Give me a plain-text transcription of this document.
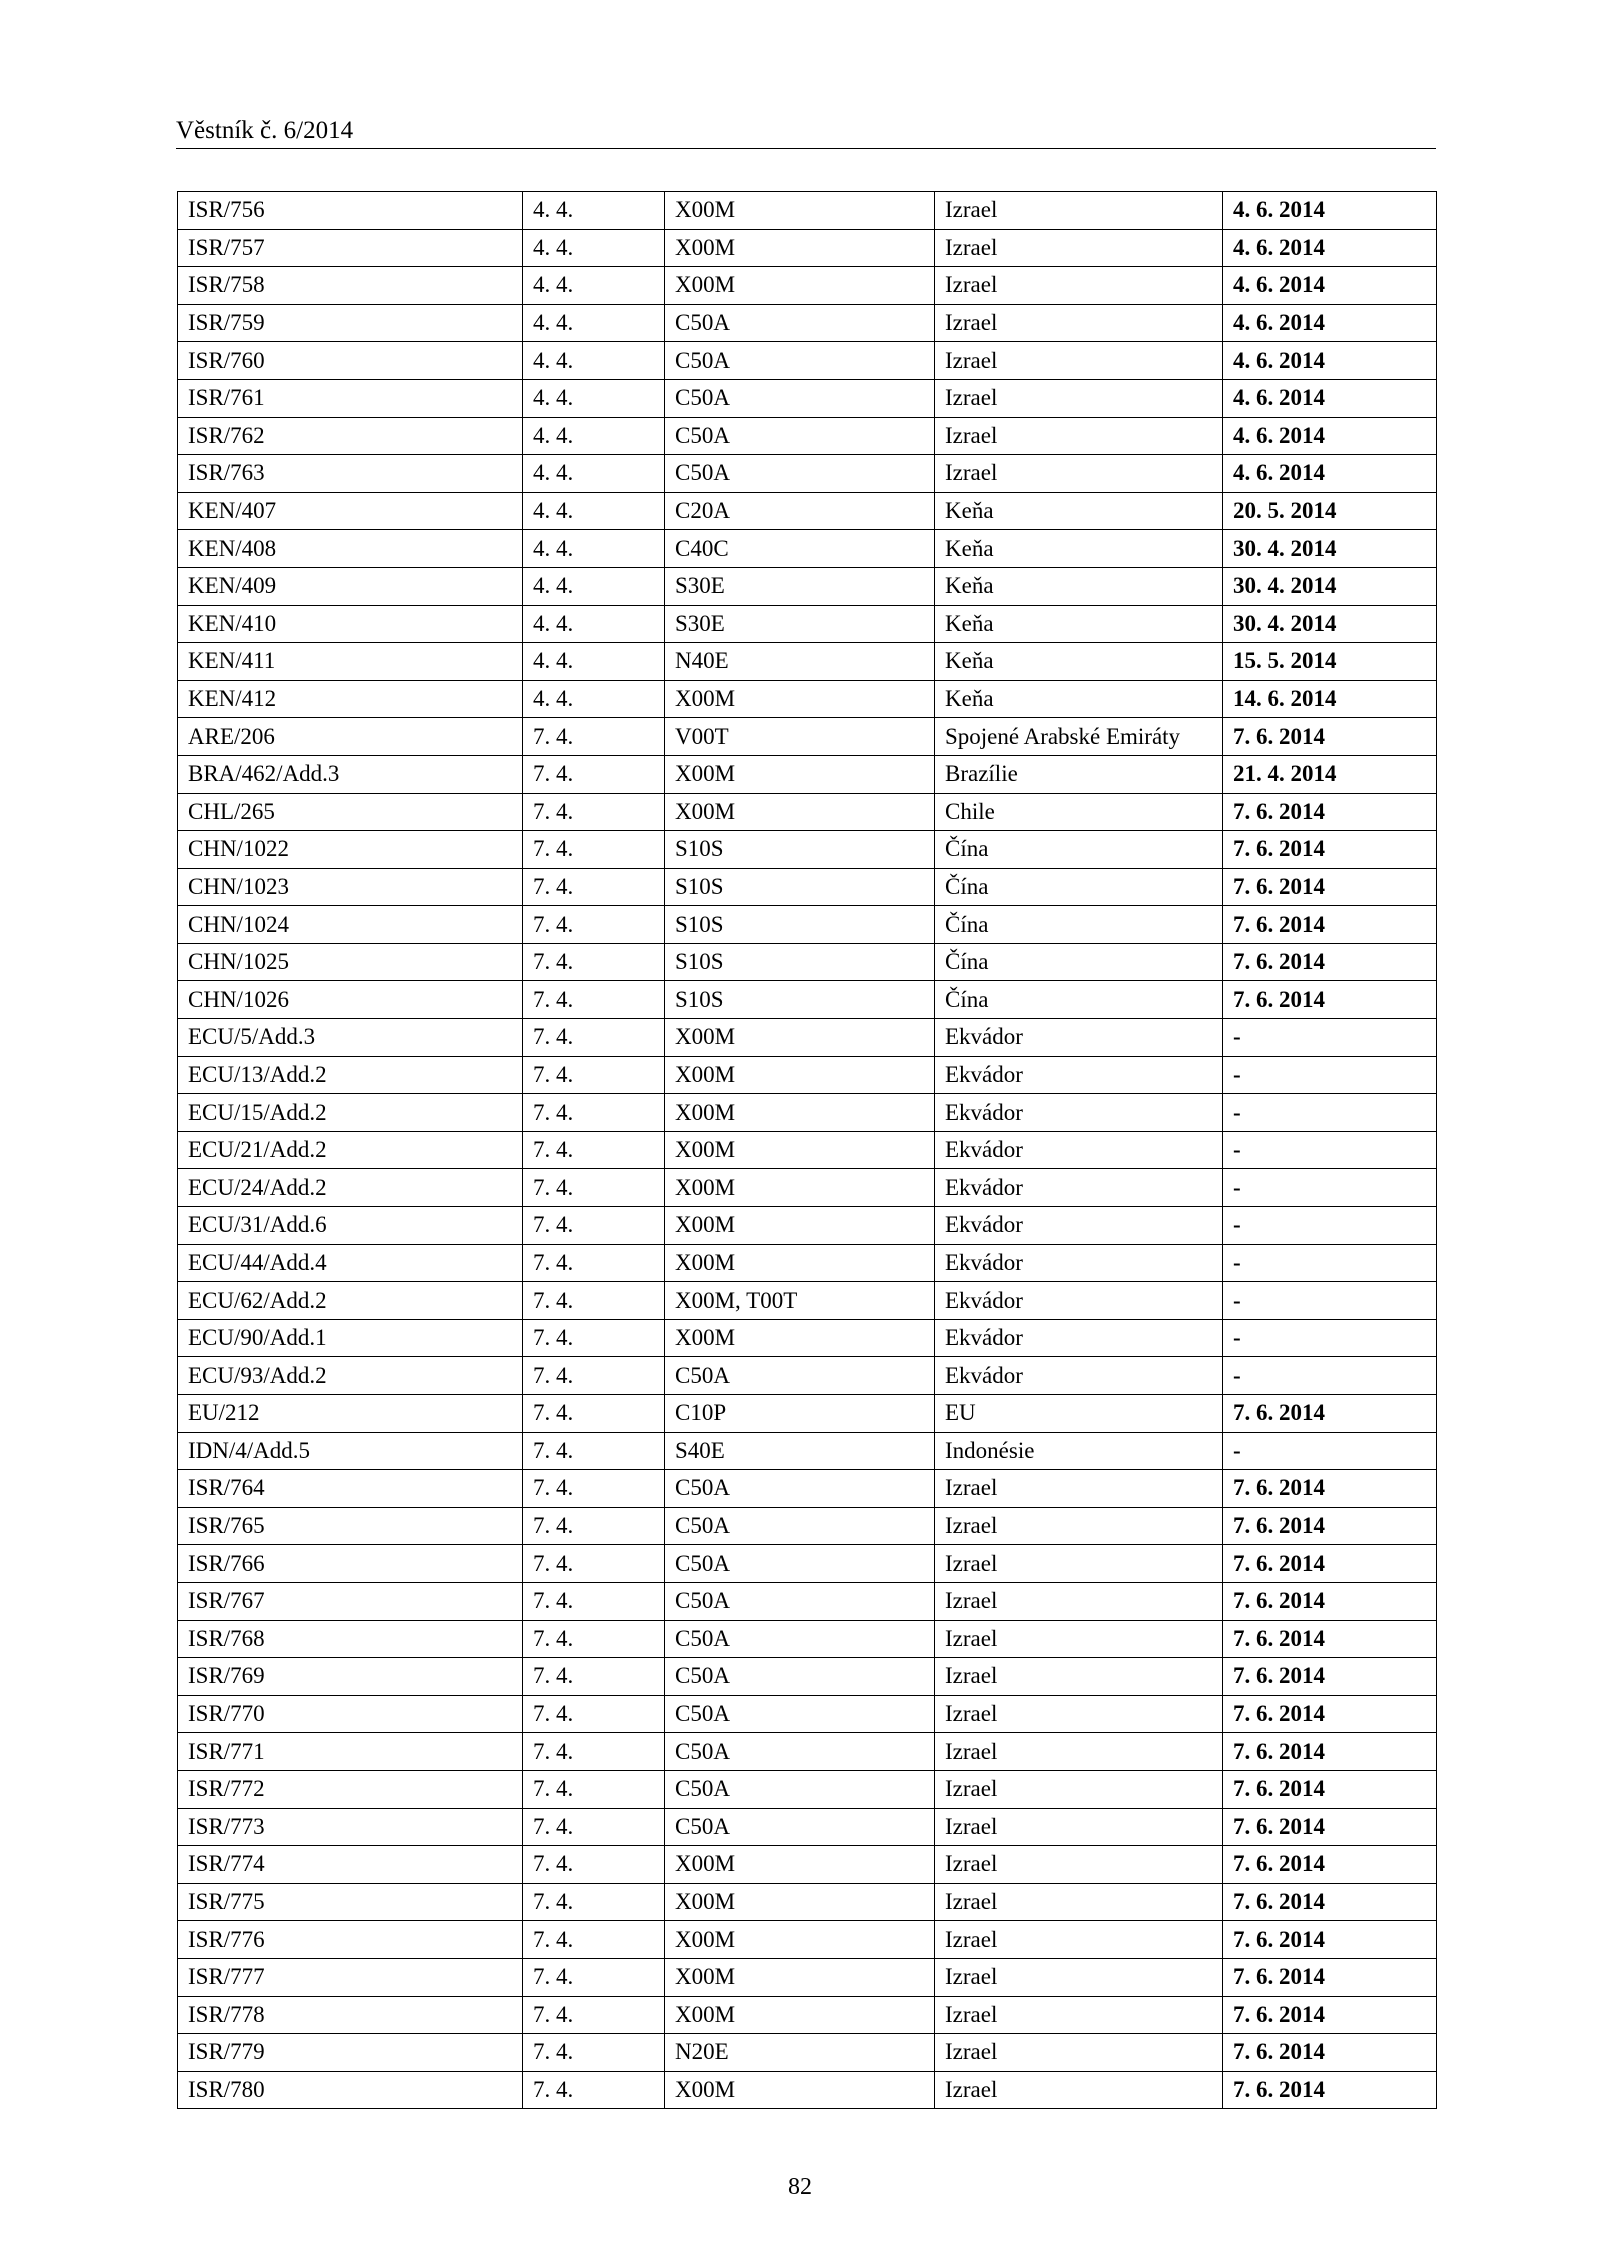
Věstník č. 6/2014
ISR/756	4. 4.	X00M	Izrael	4. 6. 2014
ISR/757	4. 4.	X00M	Izrael	4. 6. 2014
ISR/758	4. 4.	X00M	Izrael	4. 6. 2014
ISR/759	4. 4.	C50A	Izrael	4. 6. 2014
ISR/760	4. 4.	C50A	Izrael	4. 6. 2014
ISR/761	4. 4.	C50A	Izrael	4. 6. 2014
ISR/762	4. 4.	C50A	Izrael	4. 6. 2014
ISR/763	4. 4.	C50A	Izrael	4. 6. 2014
KEN/407	4. 4.	C20A	Keňa	20. 5. 2014
KEN/408	4. 4.	C40C	Keňa	30. 4. 2014
KEN/409	4. 4.	S30E	Keňa	30. 4. 2014
KEN/410	4. 4.	S30E	Keňa	30. 4. 2014
KEN/411	4. 4.	N40E	Keňa	15. 5. 2014
KEN/412	4. 4.	X00M	Keňa	14. 6. 2014
ARE/206	7. 4.	V00T	Spojené Arabské Emiráty	7. 6. 2014
BRA/462/Add.3	7. 4.	X00M	Brazílie	21. 4. 2014
CHL/265	7. 4.	X00M	Chile	7. 6. 2014
CHN/1022	7. 4.	S10S	Čína	7. 6. 2014
CHN/1023	7. 4.	S10S	Čína	7. 6. 2014
CHN/1024	7. 4.	S10S	Čína	7. 6. 2014
CHN/1025	7. 4.	S10S	Čína	7. 6. 2014
CHN/1026	7. 4.	S10S	Čína	7. 6. 2014
ECU/5/Add.3	7. 4.	X00M	Ekvádor	-
ECU/13/Add.2	7. 4.	X00M	Ekvádor	-
ECU/15/Add.2	7. 4.	X00M	Ekvádor	-
ECU/21/Add.2	7. 4.	X00M	Ekvádor	-
ECU/24/Add.2	7. 4.	X00M	Ekvádor	-
ECU/31/Add.6	7. 4.	X00M	Ekvádor	-
ECU/44/Add.4	7. 4.	X00M	Ekvádor	-
ECU/62/Add.2	7. 4.	X00M, T00T	Ekvádor	-
ECU/90/Add.1	7. 4.	X00M	Ekvádor	-
ECU/93/Add.2	7. 4.	C50A	Ekvádor	-
EU/212	7. 4.	C10P	EU	7. 6. 2014
IDN/4/Add.5	7. 4.	S40E	Indonésie	-
ISR/764	7. 4.	C50A	Izrael	7. 6. 2014
ISR/765	7. 4.	C50A	Izrael	7. 6. 2014
ISR/766	7. 4.	C50A	Izrael	7. 6. 2014
ISR/767	7. 4.	C50A	Izrael	7. 6. 2014
ISR/768	7. 4.	C50A	Izrael	7. 6. 2014
ISR/769	7. 4.	C50A	Izrael	7. 6. 2014
ISR/770	7. 4.	C50A	Izrael	7. 6. 2014
ISR/771	7. 4.	C50A	Izrael	7. 6. 2014
ISR/772	7. 4.	C50A	Izrael	7. 6. 2014
ISR/773	7. 4.	C50A	Izrael	7. 6. 2014
ISR/774	7. 4.	X00M	Izrael	7. 6. 2014
ISR/775	7. 4.	X00M	Izrael	7. 6. 2014
ISR/776	7. 4.	X00M	Izrael	7. 6. 2014
ISR/777	7. 4.	X00M	Izrael	7. 6. 2014
ISR/778	7. 4.	X00M	Izrael	7. 6. 2014
ISR/779	7. 4.	N20E	Izrael	7. 6. 2014
ISR/780	7. 4.	X00M	Izrael	7. 6. 2014
82
